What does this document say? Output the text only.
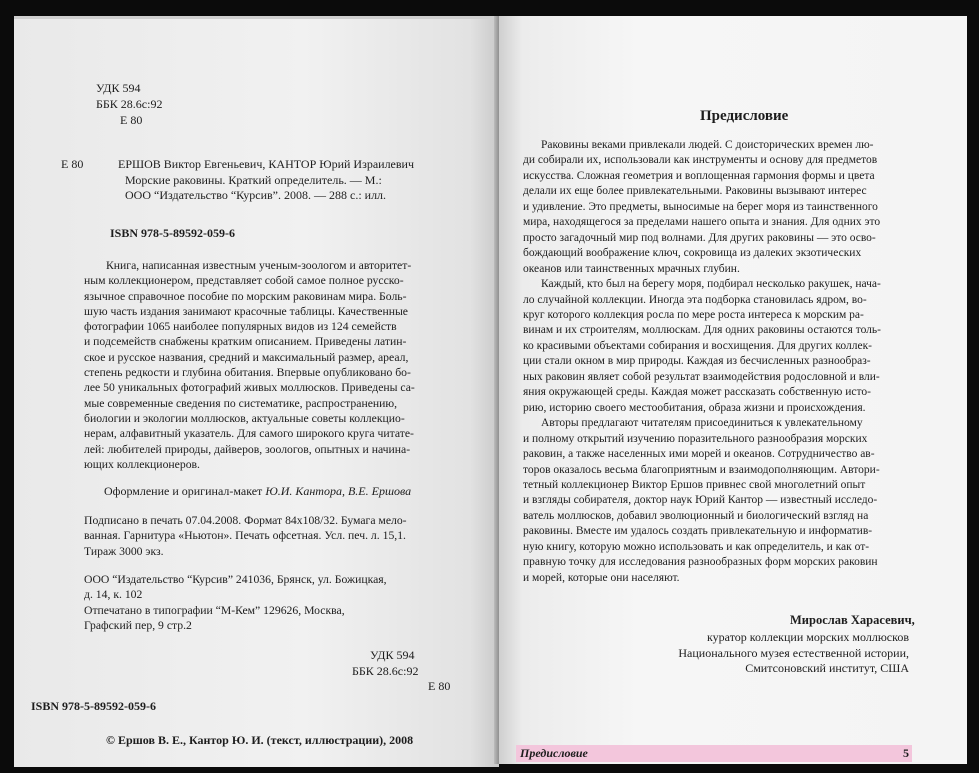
УДК 594
ББК 28.6с:92
Е 80
Е 80	ЕРШОВ Виктор Евгеньевич, КАНТОР Юрий Израилевич
Морские раковины. Краткий определитель. — М.:
ООО “Издательство “Курсив”. 2008. — 288 с.: илл.
ISBN 978-5-89592-059-6
Книга, написанная известным ученым-зоологом и авторитет-
ным коллекционером, представляет собой самое полное русско-
язычное справочное пособие по морским раковинам мира. Боль-
шую часть издания занимают красочные таблицы. Качественные
фотографии 1065 наиболее популярных видов из 124 семейств
и подсемейств снабжены кратким описанием. Приведены латин-
ское и русское названия, средний и максимальный размер, ареал,
степень редкости и глубина обитания. Впервые опубликовано бо-
лее 50 уникальных фотографий живых моллюсков. Приведены са-
мые современные сведения по систематике, распространению,
биологии и экологии моллюсков, актуальные советы коллекцио-
нерам, алфавитный указатель. Для самого широкого круга читате-
лей: любителей природы, дайверов, зоологов, опытных и начина-
ющих коллекционеров.
Оформление и оригинал-макет Ю.И. Кантора, В.Е. Ершова
Подписано в печать 07.04.2008. Формат 84х108/32. Бумага мело-
ванная. Гарнитура «Ньютон». Печать офсетная. Усл. печ. л. 15,1.
Тираж 3000 экз.
ООО “Издательство “Курсив” 241036, Брянск, ул. Божицкая,
д. 14, к. 102
Отпечатано в типографии “М-Кем” 129626, Москва,
Графский пер, 9 стр.2
УДК 594
ББК 28.6с:92
Е 80
ISBN 978-5-89592-059-6
© Ершов В. Е., Кантор Ю. И. (текст, иллюстрации), 2008
Предисловие
Раковины веками привлекали людей. С доисторических времен лю-
ди собирали их, использовали как инструменты и основу для предметов
искусства. Сложная геометрия и воплощенная гармония формы и цвета
делали их еще более привлекательными. Раковины вызывают интерес
и удивление. Это предметы, выносимые на берег моря из таинственного
мира, находящегося за пределами нашего опыта и знания. Для одних это
просто загадочный мир под волнами. Для других раковины — это осво-
бождающий воображение ключ, сокровища из далеких экзотических
океанов или таинственных мрачных глубин.
Каждый, кто был на берегу моря, подбирал несколько ракушек, нача-
ло случайной коллекции. Иногда эта подборка становилась ядром, во-
круг которого коллекция росла по мере роста интереса к морским ра-
винам и их строителям, моллюскам. Для одних раковины остаются толь-
ко красивыми объектами собирания и восхищения. Для других коллек-
ции стали окном в мир природы. Каждая из бесчисленных разнообраз-
ных раковин являет собой результат взаимодействия родословной и вли-
яния окружающей среды. Каждая может рассказать собственную исто-
рию, историю своего местообитания, образа жизни и происхождения.
Авторы предлагают читателям присоединиться к увлекательному
и полному открытий изучению поразительного разнообразия морских
раковин, а также населенных ими морей и океанов. Сотрудничество ав-
торов оказалось весьма благоприятным и взаимодополняющим. Автори-
тетный коллекционер Виктор Ершов привнес свой многолетний опыт
и взгляды собирателя, доктор наук Юрий Кантор — известный исследо-
ватель моллюсков, добавил эволюционный и биологический взгляд на
раковины. Вместе им удалось создать привлекательную и информатив-
ную книгу, которую можно использовать и как определитель, и как от-
правную точку для исследования разнообразных форм морских раковин
и морей, которые они населяют.
Мирослав Харасевич,
куратор коллекции морских моллюсков
Национального музея естественной истории,
Смитсоновский институт, США
Предисловие	5
